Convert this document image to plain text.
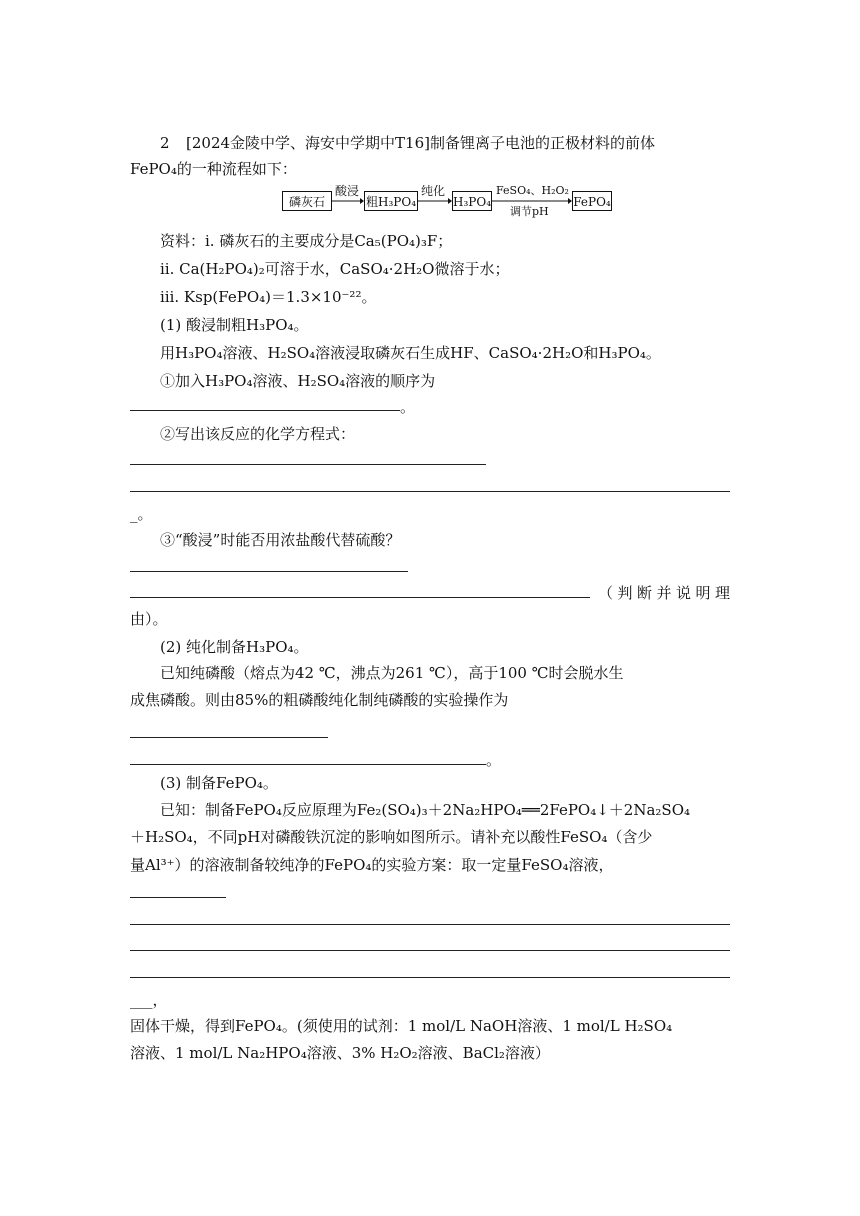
2 [2024金陵中学、海安中学期中T16]制备锂离子电池的正极材料的前体
FePO₄的一种流程如下：
磷灰石
酸浸
粗H₃PO₄
纯化
H₃PO₄
FeSO₄、H₂O₂
调节pH
FePO₄
资料：ⅰ. 磷灰石的主要成分是Ca₅(PO₄)₃F；
ⅱ. Ca(H₂PO₄)₂可溶于水，CaSO₄·2H₂O微溶于水；
ⅲ. Ksp(FePO₄)＝1.3×10⁻²²。
(1) 酸浸制粗H₃PO₄。
用H₃PO₄溶液、H₂SO₄溶液浸取磷灰石生成HF、CaSO₄·2H₂O和H₃PO₄。
①加入H₃PO₄溶液、H₂SO₄溶液的顺序为
。
②写出该反应的化学方程式：
_。
③“酸浸”时能否用浓盐酸代替硫酸？
（判断并说明理
由）。
(2) 纯化制备H₃PO₄。
已知纯磷酸（熔点为42 ℃，沸点为261 ℃），高于100 ℃时会脱水生
成焦磷酸。则由85%的粗磷酸纯化制纯磷酸的实验操作为
。
(3) 制备FePO₄。
已知：制备FePO₄反应原理为Fe₂(SO₄)₃＋2Na₂HPO₄══2FePO₄↓＋2Na₂SO₄
＋H₂SO₄，不同pH对磷酸铁沉淀的影响如图所示。请补充以酸性FeSO₄（含少
量Al³⁺）的溶液制备较纯净的FePO₄的实验方案：取一定量FeSO₄溶液，
___，
固体干燥，得到FePO₄。(须使用的试剂：1 mol/L NaOH溶液、1 mol/L H₂SO₄
溶液、1 mol/L Na₂HPO₄溶液、3% H₂O₂溶液、BaCl₂溶液）
